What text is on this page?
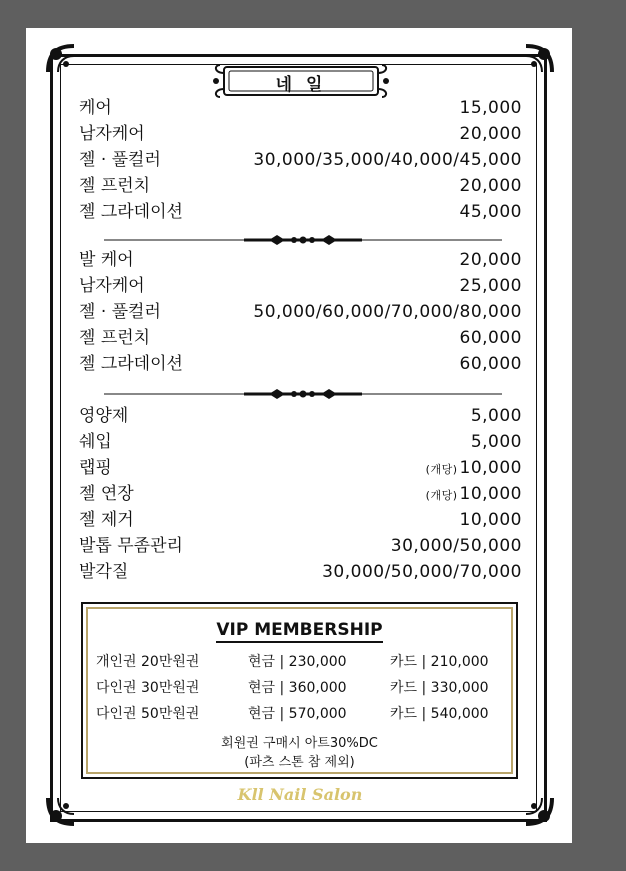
네 일
케어	15,000
남자케어	20,000
젤 · 풀컬러	30,000/35,000/40,000/45,000
젤 프런치	20,000
젤 그라데이션	45,000
발 케어	20,000
남자케어	25,000
젤 · 풀컬러	50,000/60,000/70,000/80,000
젤 프런치	60,000
젤 그라데이션	60,000
영양제	5,000
쉐입	5,000
랩핑	(개당) 10,000
젤 연장	(개당) 10,000
젤 제거	10,000
발톱 무좀관리	30,000/50,000
발각질	30,000/50,000/70,000
VIP MEMBERSHIP
개인권 20만원권	현금 | 230,000	카드 | 210,000
다인권 30만원권	현금 | 360,000	카드 | 330,000
다인권 50만원권	현금 | 570,000	카드 | 540,000
회원권 구매시 아트30%DC
(파츠 스톤 참 제외)
Kll Nail Salon
